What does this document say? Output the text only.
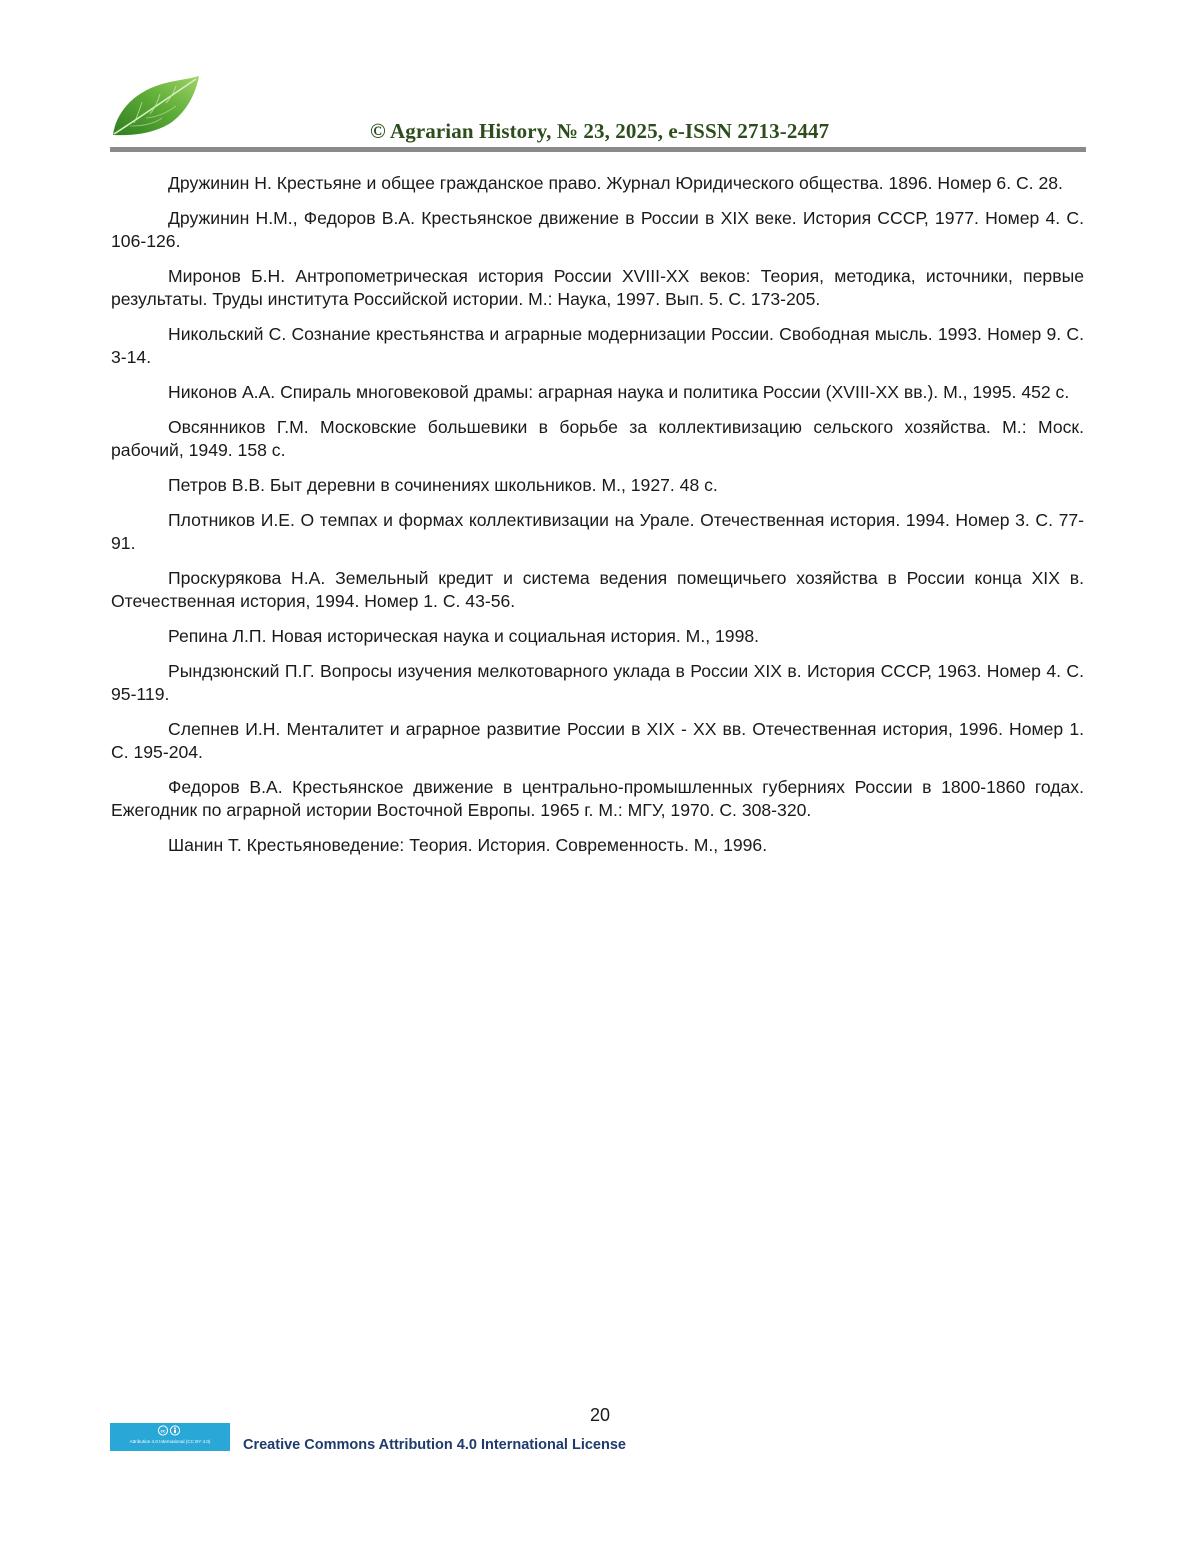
© Agrarian History, № 23, 2025, e-ISSN 2713-2447
Дружинин Н. Крестьяне и общее гражданское право. Журнал Юридического общества. 1896. Номер 6. С. 28.
Дружинин Н.М., Федоров В.А. Крестьянское движение в России в XIX веке. История СССР, 1977. Номер 4. С. 106-126.
Миронов Б.Н. Антропометрическая история России XVIII-XX веков: Теория, методика, источники, первые результаты. Труды института Российской истории. М.: Наука, 1997. Вып. 5. С. 173-205.
Никольский С. Сознание крестьянства и аграрные модернизации России. Свободная мысль. 1993. Номер 9. С. 3-14.
Никонов А.А. Спираль многовековой драмы: аграрная наука и политика России (XVIII-XX вв.). М., 1995. 452 с.
Овсянников Г.М. Московские большевики в борьбе за коллективизацию сельского хозяйства. М.: Моск. рабочий, 1949. 158 с.
Петров В.В. Быт деревни в сочинениях школьников. М., 1927. 48 с.
Плотников И.Е. О темпах и формах коллективизации на Урале. Отечественная история. 1994. Номер 3. С. 77-91.
Проскурякова Н.А. Земельный кредит и система ведения помещичьего хозяйства в России конца XIX в. Отечественная история, 1994. Номер 1. С. 43-56.
Репина Л.П. Новая историческая наука и социальная история. М., 1998.
Рындзюнский П.Г. Вопросы изучения мелкотоварного уклада в России XIX в. История СССР, 1963. Номер 4. С. 95-119.
Слепнев И.Н. Менталитет и аграрное развитие России в XIX - XX вв. Отечественная история, 1996. Номер 1. С. 195-204.
Федоров В.А. Крестьянское движение в центрально-промышленных губерниях России в 1800-1860 годах. Ежегодник по аграрной истории Восточной Европы. 1965 г. М.: МГУ, 1970. С. 308-320.
Шанин Т. Крестьяноведение: Теория. История. Современность. М., 1996.
20
cc
Attribution 4.0 International (CC BY 4.0)	Creative Commons Attribution 4.0 International License
